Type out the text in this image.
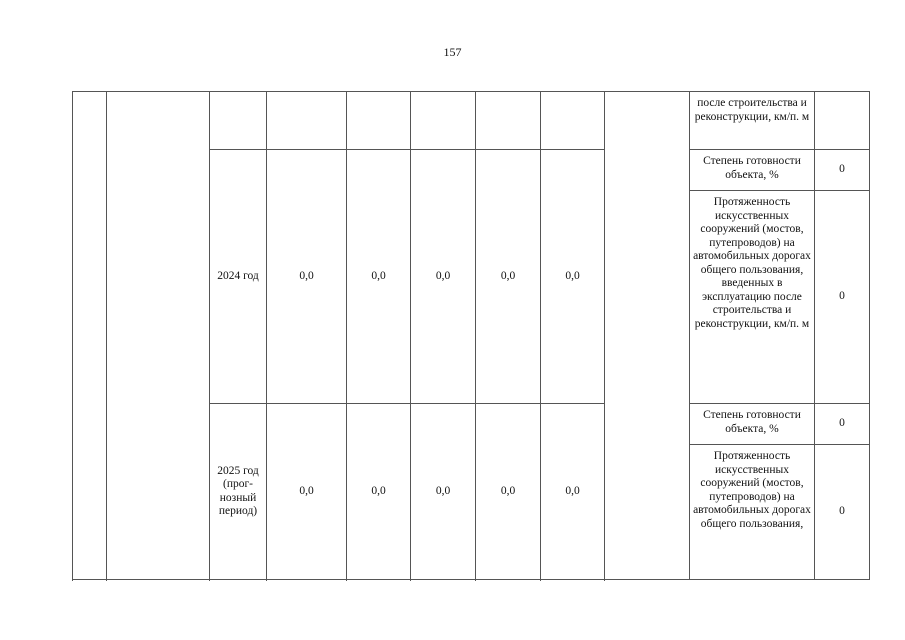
157
									после строительства и реконструкции, км/п. м	
		2024 год	0,0	0,0	0,0	0,0	0,0		Степень готовности объекта, %	0
									Протяженность искусственных сооружений (мостов, путепроводов) на автомобильных дорогах общего пользования, введенных в эксплуатацию после строительства и реконструкции, км/п. м	0

		2025 год (прог-нозный период)	0,0	0,0	0,0	0,0	0,0		Степень готовности объекта, %	0
									Протяженность искусственных сооружений (мостов, путепроводов) на автомобильных дорогах общего пользования,	0
